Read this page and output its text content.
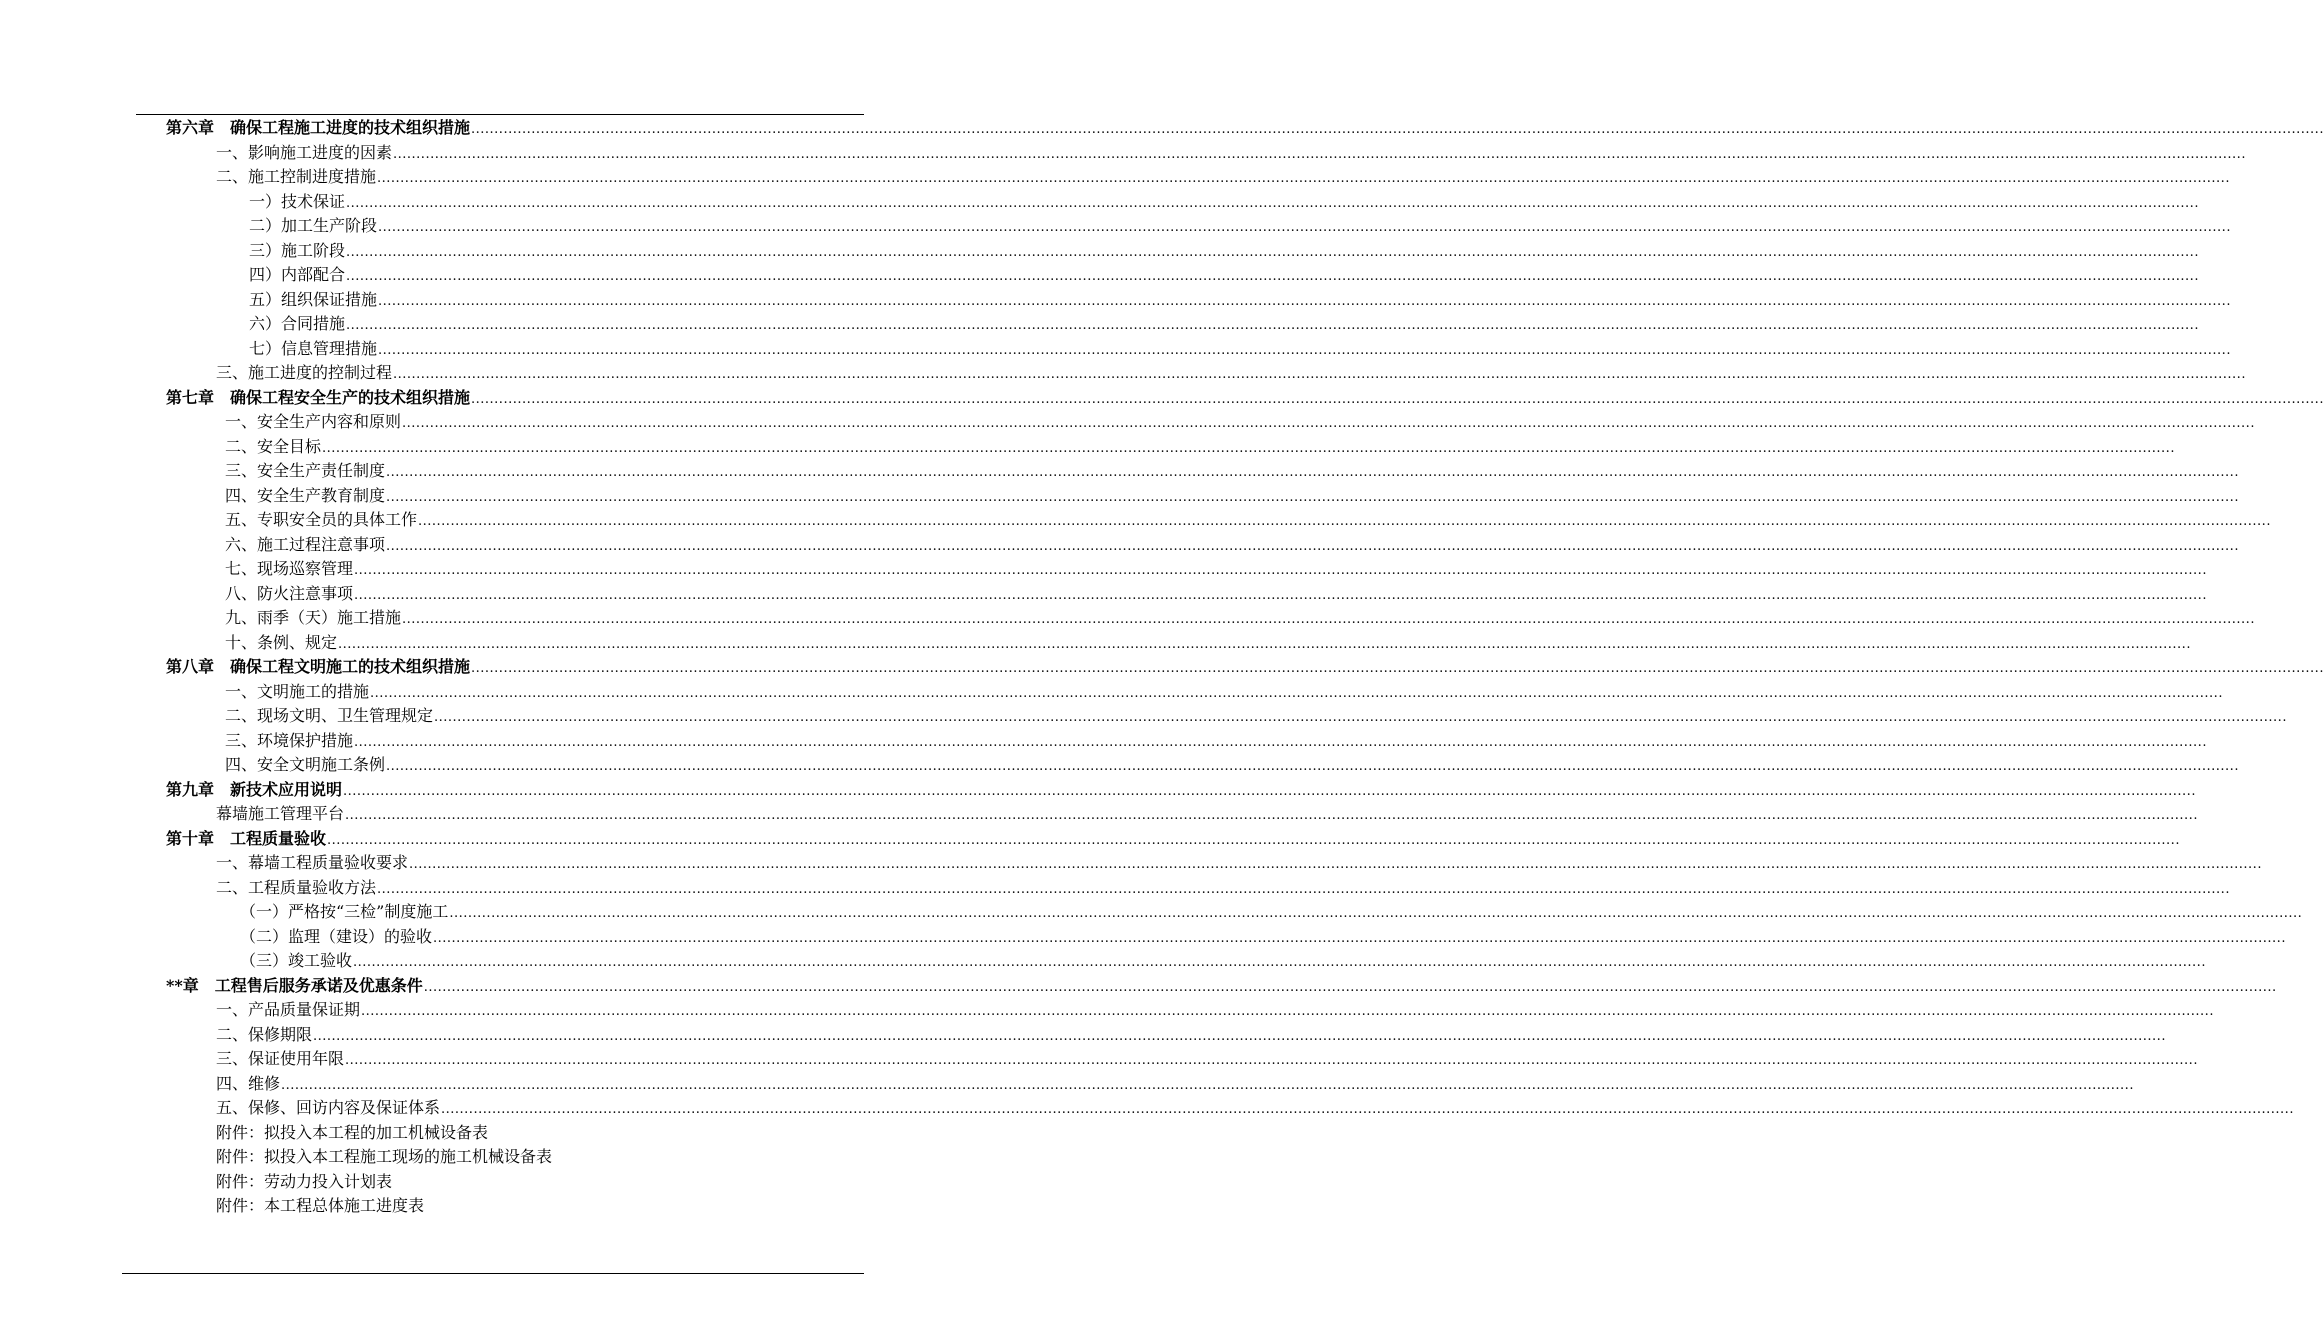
第六章　确保工程施工进度的技术组织措施 ................................................................................................................................................................................................................................................................................................................................................................................................................
一、影响施工进度的因素 ................................................................................................................................................................................................................................................................................................................................................................................................................
二、施工控制进度措施 ................................................................................................................................................................................................................................................................................................................................................................................................................
一）技术保证 ................................................................................................................................................................................................................................................................................................................................................................................................................
二）加工生产阶段 ................................................................................................................................................................................................................................................................................................................................................................................................................
三）施工阶段 ................................................................................................................................................................................................................................................................................................................................................................................................................
四）内部配合 ................................................................................................................................................................................................................................................................................................................................................................................................................
五）组织保证措施 ................................................................................................................................................................................................................................................................................................................................................................................................................
六）合同措施 ................................................................................................................................................................................................................................................................................................................................................................................................................
七）信息管理措施 ................................................................................................................................................................................................................................................................................................................................................................................................................
三、施工进度的控制过程 ................................................................................................................................................................................................................................................................................................................................................................................................................
第七章　确保工程安全生产的技术组织措施 ................................................................................................................................................................................................................................................................................................................................................................................................................
一、安全生产内容和原则 ................................................................................................................................................................................................................................................................................................................................................................................................................
二、安全目标 ................................................................................................................................................................................................................................................................................................................................................................................................................
三、安全生产责任制度 ................................................................................................................................................................................................................................................................................................................................................................................................................
四、安全生产教育制度 ................................................................................................................................................................................................................................................................................................................................................................................................................
五、专职安全员的具体工作 ................................................................................................................................................................................................................................................................................................................................................................................................................
六、施工过程注意事项 ................................................................................................................................................................................................................................................................................................................................................................................................................
七、现场巡察管理 ................................................................................................................................................................................................................................................................................................................................................................................................................
八、防火注意事项 ................................................................................................................................................................................................................................................................................................................................................................................................................
九、雨季（天）施工措施 ................................................................................................................................................................................................................................................................................................................................................................................................................
十、条例、规定 ................................................................................................................................................................................................................................................................................................................................................................................................................
第八章　确保工程文明施工的技术组织措施 ................................................................................................................................................................................................................................................................................................................................................................................................................
一、文明施工的措施 ................................................................................................................................................................................................................................................................................................................................................................................................................
二、现场文明、卫生管理规定 ................................................................................................................................................................................................................................................................................................................................................................................................................
三、环境保护措施 ................................................................................................................................................................................................................................................................................................................................................................................................................
四、安全文明施工条例 ................................................................................................................................................................................................................................................................................................................................................................................................................
第九章　新技术应用说明 ................................................................................................................................................................................................................................................................................................................................................................................................................
幕墙施工管理平台 ................................................................................................................................................................................................................................................................................................................................................................................................................
第十章　工程质量验收 ................................................................................................................................................................................................................................................................................................................................................................................................................
一、幕墙工程质量验收要求 ................................................................................................................................................................................................................................................................................................................................................................................................................
二、工程质量验收方法 ................................................................................................................................................................................................................................................................................................................................................................................................................
（一）严格按“三检”制度施工 ................................................................................................................................................................................................................................................................................................................................................................................................................
（二）监理（建设）的验收 ................................................................................................................................................................................................................................................................................................................................................................................................................
（三）竣工验收 ................................................................................................................................................................................................................................................................................................................................................................................................................
**章　工程售后服务承诺及优惠条件 ................................................................................................................................................................................................................................................................................................................................................................................................................
一、产品质量保证期 ................................................................................................................................................................................................................................................................................................................................................................................................................
二、保修期限 ................................................................................................................................................................................................................................................................................................................................................................................................................
三、保证使用年限 ................................................................................................................................................................................................................................................................................................................................................................................................................
四、维修 ................................................................................................................................................................................................................................................................................................................................................................................................................
五、保修、回访内容及保证体系 ................................................................................................................................................................................................................................................................................................................................................................................................................
附件：拟投入本工程的加工机械设备表
附件：拟投入本工程施工现场的施工机械设备表
附件：劳动力投入计划表
附件：本工程总体施工进度表
